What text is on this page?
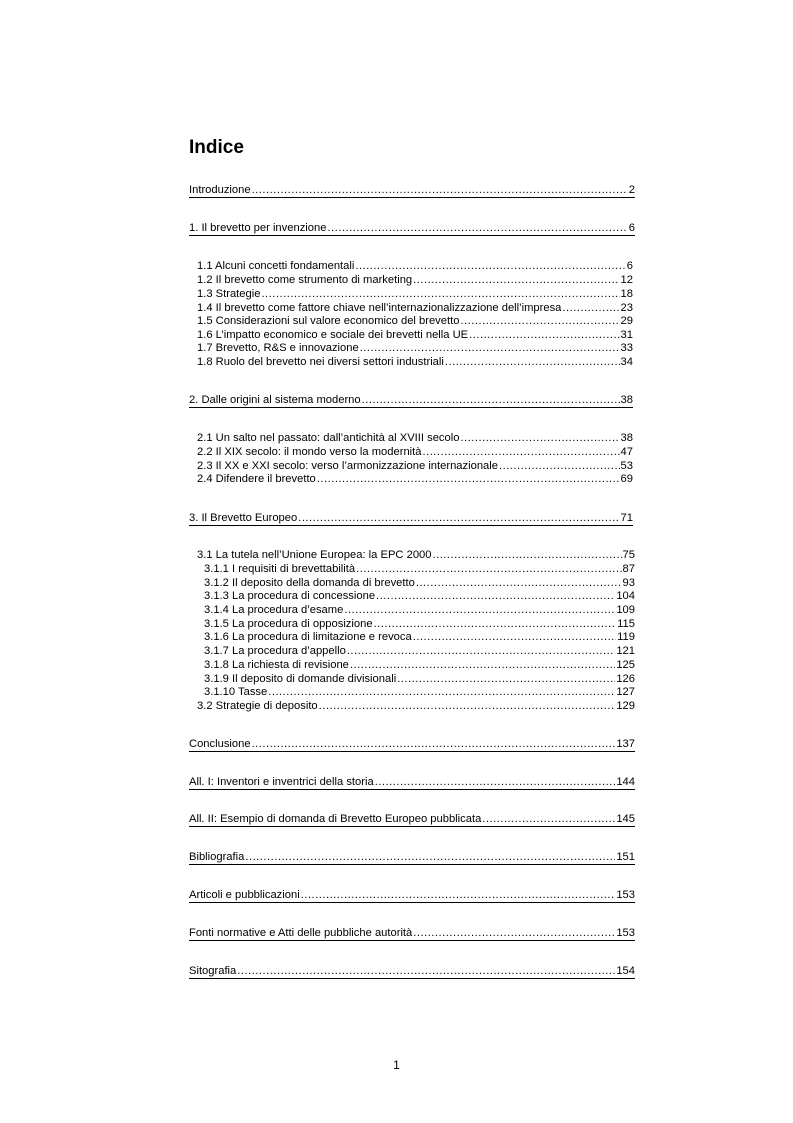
Indice
Introduzione .....	2
1. Il brevetto per invenzione .....	6
1.1 Alcuni concetti fondamentali .....	6
1.2 Il brevetto come strumento di marketing .....	12
1.3 Strategie .....	18
1.4 Il brevetto come fattore chiave nell’internazionalizzazione dell’impresa .....	23
1.5 Considerazioni sul valore economico del brevetto .....	29
1.6 L’impatto economico e sociale dei brevetti nella UE .....	31
1.7 Brevetto, R&S e innovazione .....	33
1.8 Ruolo del brevetto nei diversi settori industriali .....	34
2. Dalle origini al sistema moderno .....	38
2.1 Un salto nel passato: dall’antichità al XVIII secolo .....	38
2.2 Il XIX secolo: il mondo verso la modernità .....	47
2.3 Il XX e XXI secolo: verso l’armonizzazione internazionale .....	53
2.4 Difendere il brevetto .....	69
3. Il Brevetto Europeo .....	71
3.1 La tutela nell’Unione Europea: la EPC 2000 .....	75
3.1.1 I requisiti di brevettabilità .....	87
3.1.2 Il deposito della domanda di brevetto .....	93
3.1.3 La procedura di concessione .....	104
3.1.4 La procedura d’esame .....	109
3.1.5 La procedura di opposizione .....	115
3.1.6 La procedura di limitazione e revoca .....	119
3.1.7 La procedura d’appello .....	121
3.1.8 La richiesta di revisione .....	125
3.1.9 Il deposito di domande divisionali .....	126
3.1.10 Tasse .....	127
3.2 Strategie di deposito .....	129
Conclusione .....	137
All. I: Inventori e inventrici della storia .....	144
All. II: Esempio di domanda di Brevetto Europeo pubblicata .....	145
Bibliografia .....	151
Articoli e pubblicazioni .....	153
Fonti normative e Atti delle pubbliche autorità .....	153
Sitografia .....	154
1
